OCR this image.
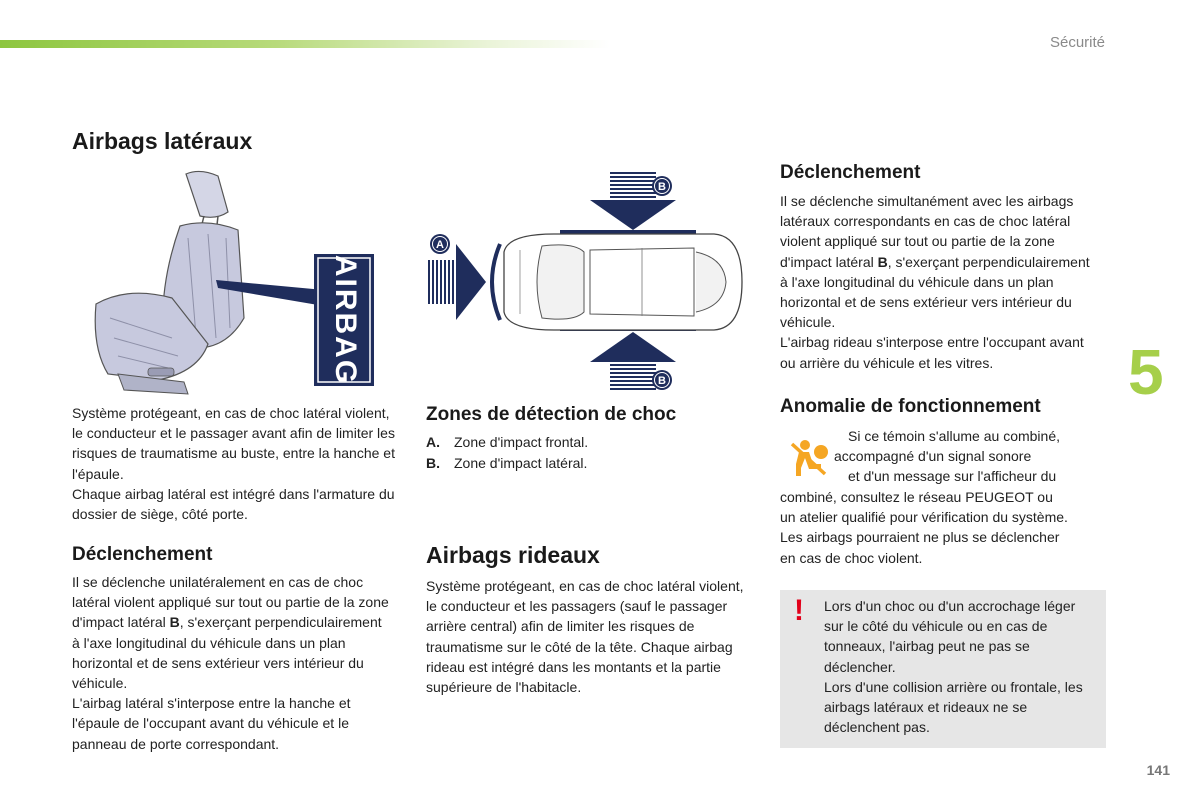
Sécurité
5
141
Airbags latéraux
AIRBAG

Système protégeant, en cas de choc latéral violent, le conducteur et le passager avant afin de limiter les risques de traumatisme au buste, entre la hanche et l'épaule.

Chaque airbag latéral est intégré dans l'armature du dossier de siège, côté porte.

Déclenchement

Il se déclenche unilatéralement en cas de choc latéral violent appliqué sur tout ou partie de la zone d'impact latéral B, s'exerçant perpendiculairement à l'axe longitudinal du véhicule dans un plan horizontal et de sens extérieur vers intérieur du véhicule.

L'airbag latéral s'interpose entre la hanche et l'épaule de l'occupant avant du véhicule et le panneau de porte correspondant.

A
B
B
Zones de détection de choc
A.	Zone d'impact frontal.
B.	Zone d'impact latéral.
Airbags rideaux

Système protégeant, en cas de choc latéral violent, le conducteur et les passagers (sauf le passager arrière central) afin de limiter les risques de traumatisme sur le côté de la tête. Chaque airbag rideau est intégré dans les montants et la partie supérieure de l'habitacle.

Déclenchement

Il se déclenche simultanément avec les airbags latéraux correspondants en cas de choc latéral violent appliqué sur tout ou partie de la zone d'impact latéral B, s'exerçant perpendiculairement à l'axe longitudinal du véhicule dans un plan horizontal et de sens extérieur vers intérieur du véhicule.

L'airbag rideau s'interpose entre l'occupant avant ou arrière du véhicule et les vitres.

Anomalie de fonctionnement
Si ce témoin s'allume au combiné,
accompagné d'un signal sonore
et d'un message sur l'afficheur du
combiné, consultez le réseau PEUGEOT ou
un atelier qualifié pour vérification du système.
Les airbags pourraient ne plus se déclencher
en cas de choc violent.
! Lors d'un choc ou d'un accrochage léger sur le côté du véhicule ou en cas de tonneaux, l'airbag peut ne pas se déclencher.

Lors d'une collision arrière ou frontale, les airbags latéraux et rideaux ne se déclenchent pas.
